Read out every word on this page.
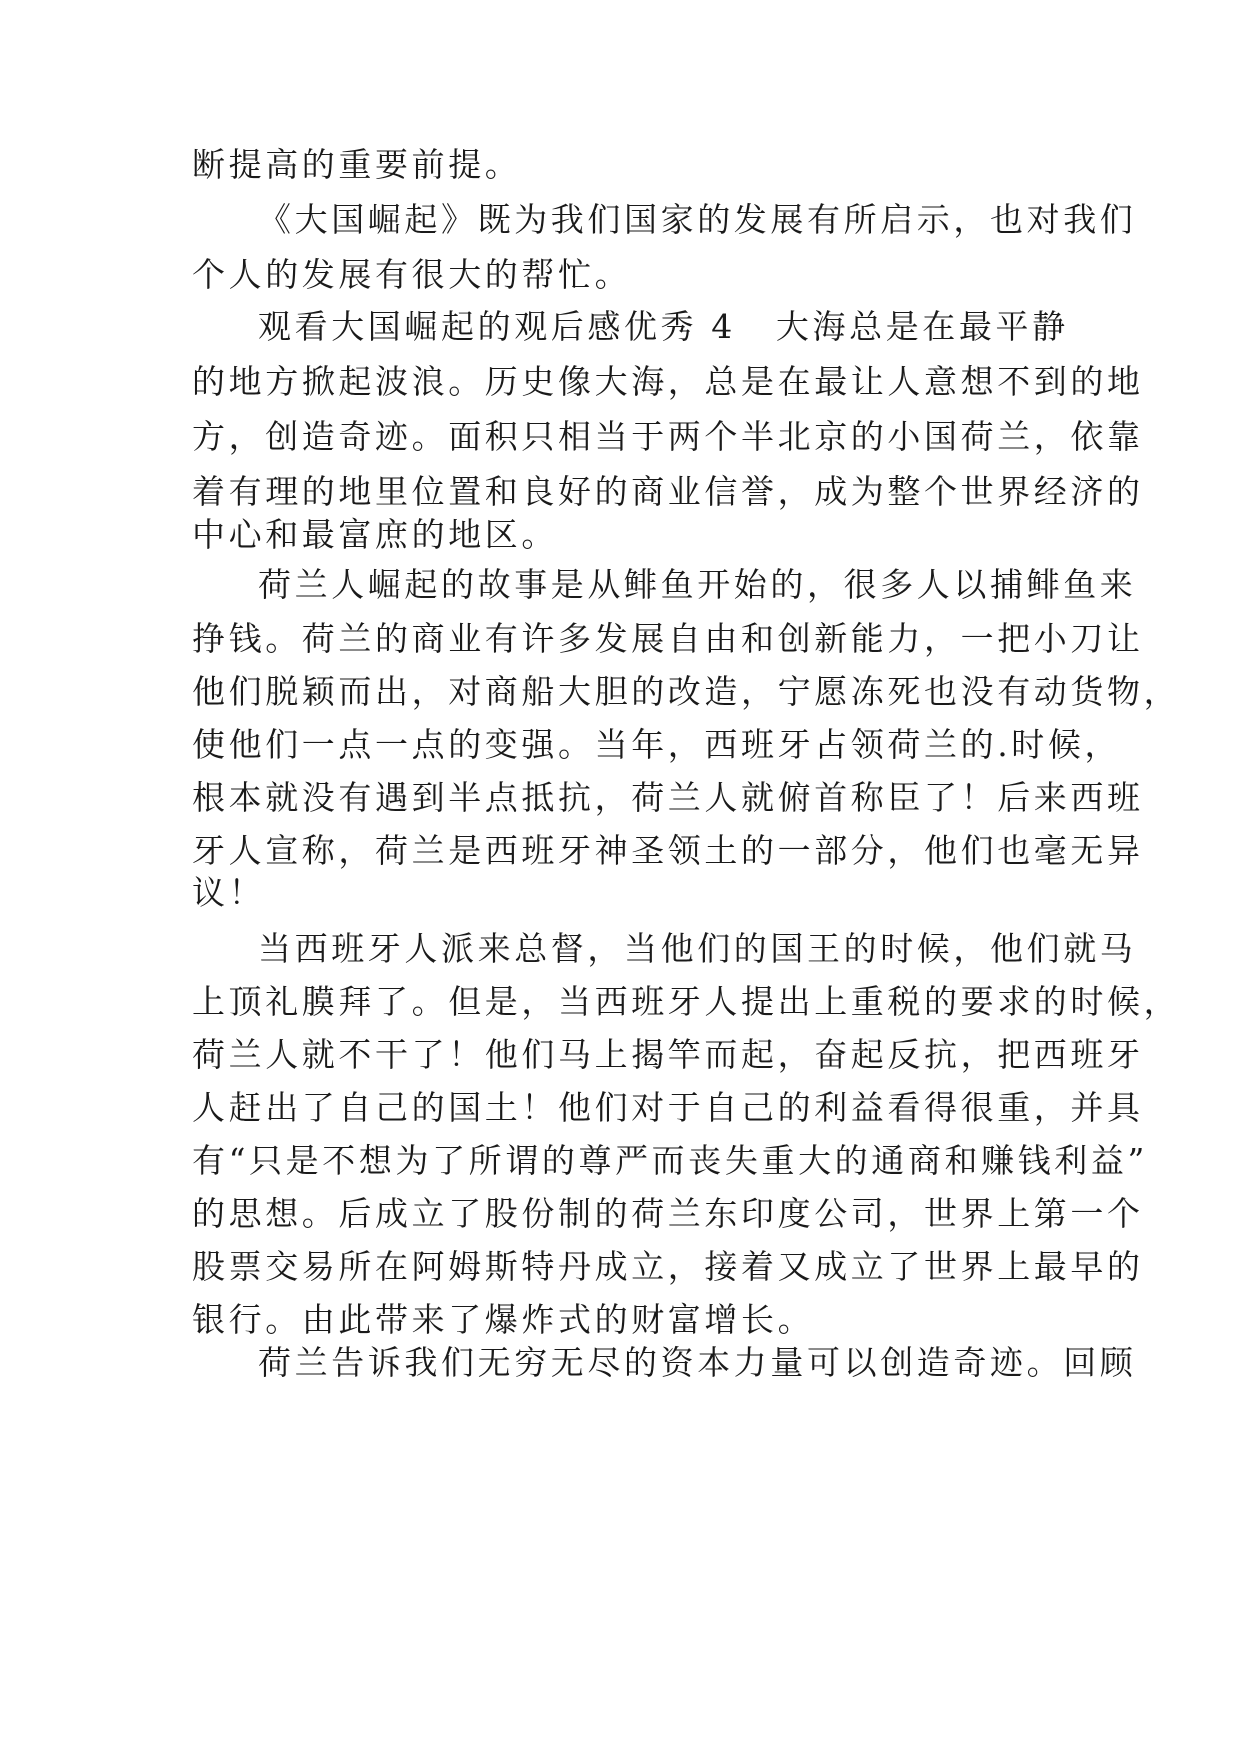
断提高的重要前提。
《大国崛起》既为我们国家的发展有所启示，也对我们
个人的发展有很大的帮忙。
观看大国崛起的观后感优秀 4 大海总是在最平静
的地方掀起波浪。历史像大海，总是在最让人意想不到的地
方，创造奇迹。面积只相当于两个半北京的小国荷兰，依靠
着有理的地里位置和良好的商业信誉，成为整个世界经济的
中心和最富庶的地区。
荷兰人崛起的故事是从鲱鱼开始的，很多人以捕鲱鱼来
挣钱。荷兰的商业有许多发展自由和创新能力，一把小刀让
他们脱颖而出，对商船大胆的改造，宁愿冻死也没有动货物，
使他们一点一点的变强。当年，西班牙占领荷兰的.时候，
根本就没有遇到半点抵抗，荷兰人就俯首称臣了！后来西班
牙人宣称，荷兰是西班牙神圣领土的一部分，他们也毫无异
议！
当西班牙人派来总督，当他们的国王的时候，他们就马
上顶礼膜拜了。但是，当西班牙人提出上重税的要求的时候，
荷兰人就不干了！他们马上揭竿而起，奋起反抗，把西班牙
人赶出了自己的国土！他们对于自己的利益看得很重，并具
有“只是不想为了所谓的尊严而丧失重大的通商和赚钱利益”
的思想。后成立了股份制的荷兰东印度公司，世界上第一个
股票交易所在阿姆斯特丹成立，接着又成立了世界上最早的
银行。由此带来了爆炸式的财富增长。
荷兰告诉我们无穷无尽的资本力量可以创造奇迹。回顾
